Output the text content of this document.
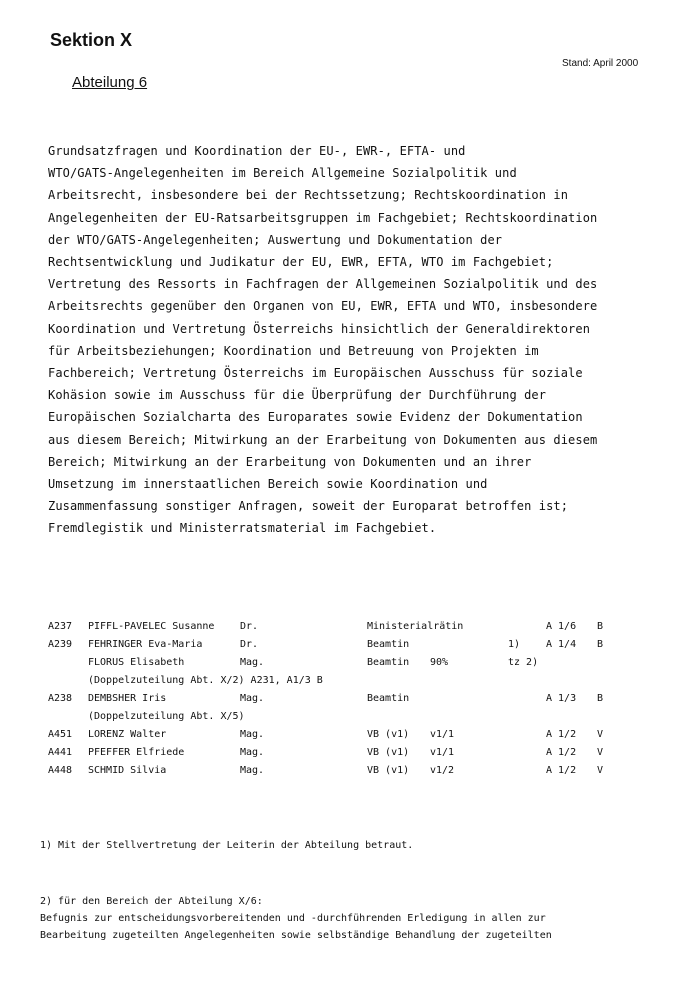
Sektion X
Stand: April 2000
Abteilung 6
Grundsatzfragen und Koordination der EU-, EWR-, EFTA- und
WTO/GATS-Angelegenheiten im Bereich Allgemeine Sozialpolitik und
Arbeitsrecht, insbesondere bei der Rechtssetzung; Rechtskoordination in
Angelegenheiten der EU-Ratsarbeitsgruppen im Fachgebiet; Rechtskoordination
der WTO/GATS-Angelegenheiten; Auswertung und Dokumentation der
Rechtsentwicklung und Judikatur der EU, EWR, EFTA, WTO im Fachgebiet;
Vertretung des Ressorts in Fachfragen der Allgemeinen Sozialpolitik und des
Arbeitsrechts gegenüber den Organen von EU, EWR, EFTA und WTO, insbesondere
Koordination und Vertretung Österreichs hinsichtlich der Generaldirektoren
für Arbeitsbeziehungen; Koordination und Betreuung von Projekten im
Fachbereich; Vertretung Österreichs im Europäischen Ausschuss für soziale
Kohäsion sowie im Ausschuss für die Überprüfung der Durchführung der
Europäischen Sozialcharta des Europarates sowie Evidenz der Dokumentation
aus diesem Bereich; Mitwirkung an der Erarbeitung von Dokumenten aus diesem
Bereich; Mitwirkung an der Erarbeitung von Dokumenten und an ihrer
Umsetzung im innerstaatlichen Bereich sowie Koordination und
Zusammenfassung sonstiger Anfragen, soweit der Europarat betroffen ist;
Fremdlegistik und Ministerratsmaterial im Fachgebiet.
A237 PIFFL-PAVELEC Susanne	Dr.	Ministerialrätin	A 1/6 B
A239 FEHRINGER Eva-Maria	Dr.	Beamtin	1)	A 1/4 B
FLORUS Elisabeth	Mag.	Beamtin 90%	tz 2)
(Doppelzuteilung Abt. X/2) A231, A1/3 B
A238 DEMBSHER Iris	Mag.	Beamtin	A 1/3 B
(Doppelzuteilung Abt. X/5)
A451 LORENZ Walter	Mag.	VB (v1) v1/1	A 1/2 V
A441 PFEFFER Elfriede	Mag.	VB (v1) v1/1	A 1/2 V
A448 SCHMID Silvia	Mag.	VB (v1) v1/2	A 1/2 V
1) Mit der Stellvertretung der Leiterin der Abteilung betraut.
2) für den Bereich der Abteilung X/6:
Befugnis zur entscheidungsvorbereitenden und -durchführenden Erledigung in allen zur
Bearbeitung zugeteilten Angelegenheiten sowie selbständige Behandlung der zugeteilten
